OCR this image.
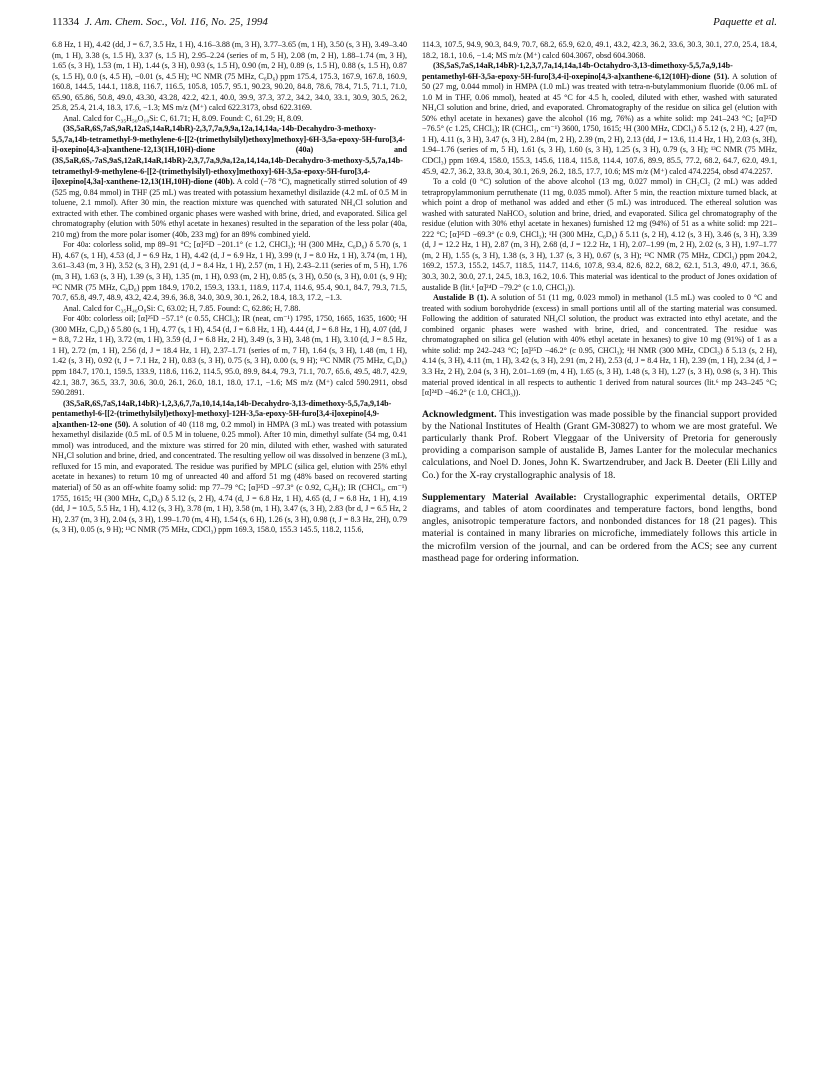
11334 J. Am. Chem. Soc., Vol. 116, No. 25, 1994	Paquette et al.

6.8 Hz, 1 H), 4.42 (dd, J = 6.7, 3.5 Hz, 1 H), 4.16–3.88 (m, 3 H), 3.77–3.65 (m, 1 H), 3.50 (s, 3 H), 3.49–3.40 (m, 1 H), 3.38 (s, 1.5 H), 3.37 (s, 1.5 H), 2.95–2.24 (series of m, 5 H), 2.08 (m, 2 H), 1.88–1.74 (m, 3 H), 1.65 (s, 3 H), 1.53 (m, 1 H), 1.44 (s, 3 H), 0.93 (s, 1.5 H), 0.90 (m, 2 H), 0.89 (s, 1.5 H), 0.88 (s, 1.5 H), 0.87 (s, 1.5 H), 0.0 (s, 4.5 H), −0.01 (s, 4.5 H); ¹³C NMR (75 MHz, C₆D₆) ppm 175.4, 175.3, 167.9, 167.8, 160.9, 160.8, 144.5, 144.1, 118.8, 116.7, 116.5, 105.8, 105.7, 95.1, 90.23, 90.20, 84.8, 78.6, 78.4, 71.5, 71.1, 71.0, 65.90, 65.86, 50.8, 49.0, 43.30, 43.28, 42.2, 42.1, 40.0, 39.9, 37.3, 37.2, 34.2, 34.0, 33.1, 30.9, 30.5, 26.2, 25.8, 25.4, 21.4, 18.3, 17.6, −1.3; MS m/z (M⁺) calcd 622.3173, obsd 622.3169.

Anal. Calcd for C₃₅H₅₀O₁₀Si: C, 61.71; H, 8.09. Found: C, 61.29; H, 8.09.

(3S,5aR,6S,7aS,9aR,12aS,14aR,14bR)-2,3,7,7a,9,9a,12a,14,14a,-14b-Decahydro-3-methoxy-5,5,7a,14b-tetramethyl-9-methylene-6-[[2-(trimethylsilyl)ethoxy]methoxy]-6H-3,5a-epoxy-5H-furo[3,4-i]-oxepino[4,3-a]xanthene-12,13(1H,10H)-dione (40a) and (3S,5aR,6S,-7aS,9aS,12aR,14aR,14bR)-2,3,7,7a,9,9a,12a,14,14a,14b-Decahydro-3-methoxy-5,5,7a,14b-tetramethyl-9-methylene-6-[[2-(trimethylsilyl)-ethoxy]methoxy]-6H-3,5a-epoxy-5H-furo[3,4-i]oxepino[4,3a]-xanthene-12,13(1H,10H)-dione (40b). A cold (−78 °C), magnetically stirred solution of 49 (525 mg, 0.84 mmol) in THF (25 mL) was treated with potassium hexamethyl disilazide (4.2 mL of 0.5 M in toluene, 2.1 mmol). After 30 min, the reaction mixture was quenched with saturated NH₄Cl solution and extracted with ether. The combined organic phases were washed with brine, dried, and evaporated. Silica gel chromatography (elution with 50% ethyl acetate in hexanes) resulted in the separation of the less polar (40a, 210 mg) from the more polar isomer (40b, 233 mg) for an 89% combined yield.

For 40a: colorless solid, mp 89–91 °C; [α]²⁵D −201.1° (c 1.2, CHCl₃); ¹H (300 MHz, C₆D₆) δ 5.70 (s, 1 H), 4.67 (s, 1 H), 4.53 (d, J = 6.9 Hz, 1 H), 4.42 (d, J = 6.9 Hz, 1 H), 3.99 (t, J = 8.0 Hz, 1 H), 3.74 (m, 1 H), 3.61–3.43 (m, 3 H), 3.52 (s, 3 H), 2.91 (d, J = 8.4 Hz, 1 H), 2.57 (m, 1 H), 2.43–2.11 (series of m, 5 H), 1.76 (m, 3 H), 1.63 (s, 3 H), 1.39 (s, 3 H), 1.35 (m, 1 H), 0.93 (m, 2 H), 0.85 (s, 3 H), 0.50 (s, 3 H), 0.01 (s, 9 H); ¹³C NMR (75 MHz, C₆D₆) ppm 184.9, 170.2, 159.3, 133.1, 118.9, 117.4, 114.6, 95.4, 90.1, 84.7, 79.3, 71.5, 70.7, 65.8, 49.7, 48.9, 43.2, 42.4, 39.6, 36.8, 34.0, 30.9, 30.1, 26.2, 18.4, 18.3, 17.2, −1.3.

Anal. Calcd for C₃₅H₄₆O₈Si: C, 63.02; H, 7.85. Found: C, 62.86; H, 7.88.

For 40b: colorless oil; [α]²⁵D −57.1° (c 0.55, CHCl₃); IR (neat, cm⁻¹) 1795, 1750, 1665, 1635, 1600; ¹H (300 MHz, C₆D₆) δ 5.80 (s, 1 H), 4.77 (s, 1 H), 4.54 (d, J = 6.8 Hz, 1 H), 4.44 (d, J = 6.8 Hz, 1 H), 4.07 (dd, J = 8.8, 7.2 Hz, 1 H), 3.72 (m, 1 H), 3.59 (d, J = 6.8 Hz, 2 H), 3.49 (s, 3 H), 3.48 (m, 1 H), 3.10 (d, J = 8.5 Hz, 1 H), 2.72 (m, 1 H), 2.56 (d, J = 18.4 Hz, 1 H), 2.37–1.71 (series of m, 7 H), 1.64 (s, 3 H), 1.48 (m, 1 H), 1.42 (s, 3 H), 0.92 (t, J = 7.1 Hz, 2 H), 0.83 (s, 3 H), 0.75 (s, 3 H), 0.00 (s, 9 H); ¹³C NMR (75 MHz, C₆D₆) ppm 184.7, 170.1, 159.5, 133.9, 118.6, 116.2, 114.5, 95.0, 89.9, 84.4, 79.3, 71.1, 70.7, 65.6, 49.5, 48.7, 42.9, 42.1, 38.7, 36.5, 33.7, 30.6, 30.0, 26.1, 26.0, 18.1, 18.0, 17.1, −1.6; MS m/z (M⁺) calcd 590.2911, obsd 590.2891.

(3S,5aR,6S,7aS,14aR,14bR)-1,2,3,6,7,7a,10,14,14a,14b-Decahydro-3,13-dimethoxy-5,5,7a,9,14b-pentamethyl-6-[[2-(trimethylsilyl)ethoxy]-methoxy]-12H-3,5a-epoxy-5H-furo[3,4-i]oxepino[4,9-a]xanthen-12-one (50). A solution of 40 (118 mg, 0.2 mmol) in HMPA (3 mL) was treated with potassium hexamethyl disilazide (0.5 mL of 0.5 M in toluene, 0.25 mmol). After 10 min, dimethyl sulfate (54 mg, 0.41 mmol) was introduced, and the mixture was stirred for 20 min, diluted with ether, washed with saturated NH₄Cl solution and brine, dried, and concentrated. The resulting yellow oil was dissolved in benzene (3 mL), refluxed for 15 min, and evaporated. The residue was purified by MPLC (silica gel, elution with 25% ethyl acetate in hexanes) to return 10 mg of unreacted 40 and afford 51 mg (48% based on recovered starting material) of 50 as an off-white foamy solid: mp 77–79 °C; [α]²⁵D −97.3° (c 0.92, C₆H₆); IR (CHCl₃, cm⁻¹) 1755, 1615; ¹H (300 MHz, C₆D₆) δ 5.12 (s, 2 H), 4.74 (d, J = 6.8 Hz, 1 H), 4.65 (d, J = 6.8 Hz, 1 H), 4.19 (dd, J = 10.5, 5.5 Hz, 1 H), 4.12 (s, 3 H), 3.78 (m, 1 H), 3.58 (m, 1 H), 3.47 (s, 3 H), 2.83 (br d, J = 6.5 Hz, 2 H), 2.37 (m, 3 H), 2.04 (s, 3 H), 1.99–1.70 (m, 4 H), 1.54 (s, 6 H), 1.26 (s, 3 H), 0.98 (t, J = 8.3 Hz, 2H), 0.79 (s, 3 H), 0.05 (s, 9 H); ¹³C NMR (75 MHz, CDCl₃) ppm 169.3, 158.0, 155.3 145.5, 118.2, 115.6,

114.3, 107.5, 94.9, 90.3, 84.9, 70.7, 68.2, 65.9, 62.0, 49.1, 43.2, 42.3, 36.2, 33.6, 30.3, 30.1, 27.0, 25.4, 18.4, 18.2, 18.1, 10.6, −1.4; MS m/z (M⁺) calcd 604.3067, obsd 604.3068.

(3S,5aS,7aS,14aR,14bR)-1,2,3,7,7a,14,14a,14b-Octahydro-3,13-dimethoxy-5,5,7a,9,14b-pentamethyl-6H-3,5a-epoxy-5H-furo[3,4-i]-oxepino[4,3-a]xanthene-6,12(10H)-dione (51). A solution of 50 (27 mg, 0.044 mmol) in HMPA (1.0 mL) was treated with tetra-n-butylammonium fluoride (0.06 mL of 1.0 M in THF, 0.06 mmol), heated at 45 °C for 4.5 h, cooled, diluted with ether, washed with saturated NH₄Cl solution and brine, dried, and evaporated. Chromatography of the residue on silica gel (elution with 50% ethyl acetate in hexanes) gave the alcohol (16 mg, 76%) as a white solid: mp 241–243 °C; [α]²⁵D −76.5° (c 1.25, CHCl₃); IR (CHCl₃, cm⁻¹) 3600, 1750, 1615; ¹H (300 MHz, CDCl₃) δ 5.12 (s, 2 H), 4.27 (m, 1 H), 4.11 (s, 3 H), 3.47 (s, 3 H), 2.84 (m, 2 H), 2.39 (m, 2 H), 2.13 (dd, J = 13.6, 11.4 Hz, 1 H), 2.03 (s, 3H), 1.94–1.76 (series of m, 5 H), 1.61 (s, 3 H), 1.60 (s, 3 H), 1.25 (s, 3 H), 0.79 (s, 3 H); ¹³C NMR (75 MHz, CDCl₃) ppm 169.4, 158.0, 155.3, 145.6, 118.4, 115.8, 114.4, 107.6, 89.9, 85.5, 77.2, 68.2, 64.7, 62.0, 49.1, 45.9, 42.7, 36.2, 33.8, 30.4, 30.1, 26.9, 26.2, 18.5, 17.7, 10.6; MS m/z (M⁺) calcd 474.2254, obsd 474.2257.

To a cold (0 °C) solution of the above alcohol (13 mg, 0.027 mmol) in CH₂Cl₂ (2 mL) was added tetrapropylammonium perruthenate (11 mg, 0.035 mmol). After 5 min, the reaction mixture turned black, at which point a drop of methanol was added and ether (5 mL) was introduced. The ethereal solution was washed with saturated NaHCO₃ solution and brine, dried, and evaporated. Silica gel chromatography of the residue (elution with 30% ethyl acetate in hexanes) furnished 12 mg (94%) of 51 as a white solid: mp 221–222 °C; [α]²⁵D −69.3° (c 0.9, CHCl₃); ¹H (300 MHz, C₆D₆) δ 5.11 (s, 2 H), 4.12 (s, 3 H), 3.46 (s, 3 H), 3.39 (d, J = 12.2 Hz, 1 H), 2.87 (m, 3 H), 2.68 (d, J = 12.2 Hz, 1 H), 2.07–1.99 (m, 2 H), 2.02 (s, 3 H), 1.97–1.77 (m, 2 H), 1.55 (s, 3 H), 1.38 (s, 3 H), 1.37 (s, 3 H), 0.67 (s, 3 H); ¹³C NMR (75 MHz, CDCl₃) ppm 204.2, 169.2, 157.3, 155.2, 145.7, 118.5, 114.7, 114.6, 107.8, 93.4, 82.6, 82.2, 68.2, 62.1, 51.3, 49.0, 47.1, 36.6, 30.3, 30.2, 30.0, 27.1, 24.5, 18.3, 16.2, 10.6. This material was identical to the product of Jones oxidation of austalide B (lit.⁶ [α]²⁴D −79.2° (c 1.0, CHCl₃)).

Austalide B (1). A solution of 51 (11 mg, 0.023 mmol) in methanol (1.5 mL) was cooled to 0 °C and treated with sodium borohydride (excess) in small portions until all of the starting material was consumed. Following the addition of saturated NH₄Cl solution, the product was extracted into ethyl acetate, and the combined organic phases were washed with brine, dried, and concentrated. The residue was chromatographed on silica gel (elution with 40% ethyl acetate in hexanes) to give 10 mg (91%) of 1 as a white solid: mp 242–243 °C; [α]²⁵D −46.2° (c 0.95, CHCl₃); ¹H NMR (300 MHz, CDCl₃) δ 5.13 (s, 2 H), 4.14 (s, 3 H), 4.11 (m, 1 H), 3.42 (s, 3 H), 2.91 (m, 2 H), 2.53 (d, J = 8.4 Hz, 1 H), 2.39 (m, 1 H), 2.34 (d, J = 3.3 Hz, 2 H), 2.04 (s, 3 H), 2.01–1.69 (m, 4 H), 1.65 (s, 3 H), 1.48 (s, 3 H), 1.27 (s, 3 H), 0.98 (s, 3 H). This material proved identical in all respects to authentic 1 derived from natural sources (lit.⁶ mp 243–245 °C; [α]²⁴D −46.2° (c 1.0, CHCl₃)).

Acknowledgment. This investigation was made possible by the financial support provided by the National Institutes of Health (Grant GM-30827) to whom we are most grateful. We particularly thank Prof. Robert Vleggaar of the University of Pretoria for generously providing a comparison sample of austalide B, James Lanter for the molecular mechanics calculations, and Noel D. Jones, John K. Swartzendruber, and Jack B. Deeter (Eli Lilly and Co.) for the X-ray crystallographic analysis of 18.

Supplementary Material Available: Crystallographic experimental details, ORTEP diagrams, and tables of atom coordinates and temperature factors, bond lengths, bond angles, anisotropic temperature factors, and nonbonded distances for 18 (21 pages). This material is contained in many libraries on microfiche, immediately follows this article in the microfilm version of the journal, and can be ordered from the ACS; see any current masthead page for ordering information.
